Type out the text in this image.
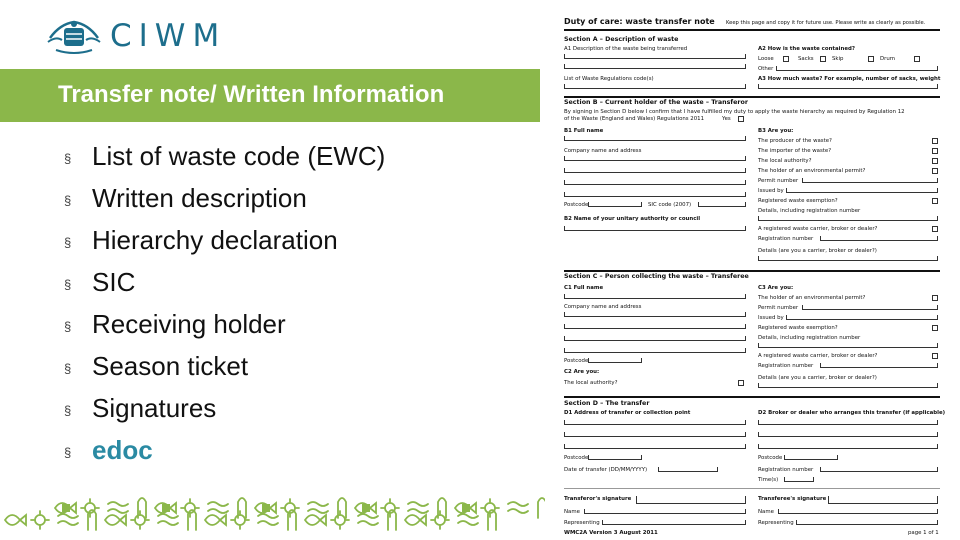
CIWM
Transfer note/ Written Information
§ List of waste code (EWC)
§ Written description
§ Hierarchy declaration
§ SIC
§ Receiving holder
§ Season ticket
§ Signatures
§ edoc
Duty of care: waste transfer note Keep this page and copy it for future use. Please write as clearly as possible.
Section A – Description of waste
A1 Description of the waste being transferred	A2 How is the waste contained?
Loose	Sacks	Skip	Drum
Other
List of Waste Regulations code(s)	A3 How much waste? For example, number of sacks, weight
Section B – Current holder of the waste – Transferor
By signing in Section D below I confirm that I have fulfilled my duty to apply the waste hierarchy as required by Regulation 12
of the Waste (England and Wales) Regulations 2011	Yes
B1 Full name
Company name and address
Postcode	SIC code (2007)
B2 Name of your unitary authority or council
B3 Are you:
The producer of the waste?
The importer of the waste?
The local authority?
The holder of an environmental permit?
Permit number
Issued by
Registered waste exemption?
Details, including registration number
A registered waste carrier, broker or dealer?
Registration number
Details (are you a carrier, broker or dealer?)
Section C – Person collecting the waste – Transferee
C1 Full name
Company name and address
Postcode
C2 Are you:
The local authority?
C3 Are you:
The holder of an environmental permit?
Permit number
Issued by
Registered waste exemption?
Details, including registration number
A registered waste carrier, broker or dealer?
Registration number
Details (are you a carrier, broker or dealer?)
Section D – The transfer
D1 Address of transfer or collection point	D2 Broker or dealer who arranges this transfer (if applicable)
Postcode	Postcode
Date of transfer (DD/MM/YYYY)	Registration number
Time(s)
Transferor's signature	Transferee's signature
Name	Name
Representing	Representing
WMC2A Version 3 August 2011	page 1 of 1
